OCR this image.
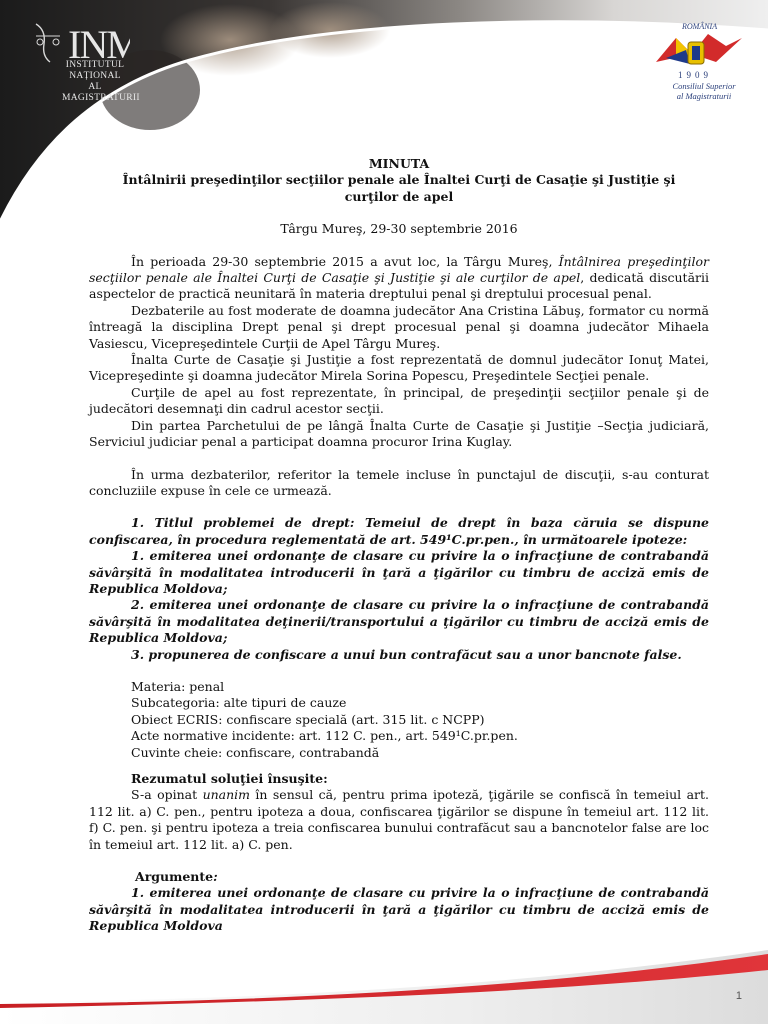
INM
INSTITUTUL
NAȚIONAL AL
MAGISTRATURII
ROMÂNIA
1909
Consiliul Superior
al Magistraturii

MINUTA

Întâlnirii preşedinţilor secţiilor penale ale Înaltei Curţi de Casaţie şi Justiţie şi
curţilor de apel

Târgu Mureş, 29-30 septembrie 2016

În perioada 29-30 septembrie 2015 a avut loc, la Târgu Mureş, Întâlnirea preşedinţilor secţiilor penale ale Înaltei Curţi de Casaţie şi Justiţie şi ale curţilor de apel, dedicată discutării aspectelor de practică neunitară în materia dreptului penal şi dreptului procesual penal.

Dezbaterile au fost moderate de doamna judecător Ana Cristina Lăbuş, formator cu normă întreagă la disciplina Drept penal şi drept procesual penal şi doamna judecător Mihaela Vasiescu, Vicepreşedintele Curţii de Apel Târgu Mureş.

Înalta Curte de Casaţie şi Justiţie a fost reprezentată de domnul judecător Ionuţ Matei, Vicepreşedinte şi doamna judecător Mirela Sorina Popescu, Preşedintele Secţiei penale.

Curţile de apel au fost reprezentate, în principal, de preşedinţii secţiilor penale şi de judecători desemnaţi din cadrul acestor secţii.

Din partea Parchetului de pe lângă Înalta Curte de Casaţie şi Justiţie –Secţia judiciară, Serviciul judiciar penal a participat doamna procuror Irina Kuglay.

În urma dezbaterilor, referitor la temele incluse în punctajul de discuţii, s-au conturat concluziile expuse în cele ce urmează.

1. Titlul problemei de drept: Temeiul de drept în baza căruia se dispune confiscarea, în procedura reglementată de art. 549¹C.pr.pen., în următoarele ipoteze:

1. emiterea unei ordonanţe de clasare cu privire la o infracţiune de contrabandă săvârşită în modalitatea introducerii în ţară a ţigărilor cu timbru de acciză emis de Republica Moldova;

2. emiterea unei ordonanţe de clasare cu privire la o infracţiune de contrabandă săvârşită în modalitatea deţinerii/transportului a ţigărilor cu timbru de acciză emis de Republica Moldova;

3. propunerea de confiscare a unui bun contrafăcut sau a unor bancnote false.

Materia: penal

Subcategoria: alte tipuri de cauze

Obiect ECRIS: confiscare specială (art. 315 lit. c NCPP)

Acte normative incidente: art. 112 C. pen., art. 549¹C.pr.pen.

Cuvinte cheie: confiscare, contrabandă

Rezumatul soluţiei însuşite:

S-a opinat unanim în sensul că, pentru prima ipoteză, ţigările se confiscă în temeiul art. 112 lit. a) C. pen., pentru ipoteza a doua, confiscarea ţigărilor se dispune în temeiul art. 112 lit. f) C. pen. şi pentru ipoteza a treia confiscarea bunului contrafăcut sau a bancnotelor false are loc în temeiul art. 112 lit. a) C. pen.

Argumente:

1. emiterea unei ordonanţe de clasare cu privire la o infracţiune de contrabandă săvârşită în modalitatea introducerii în ţară a ţigărilor cu timbru de acciză emis de Republica Moldova

1
